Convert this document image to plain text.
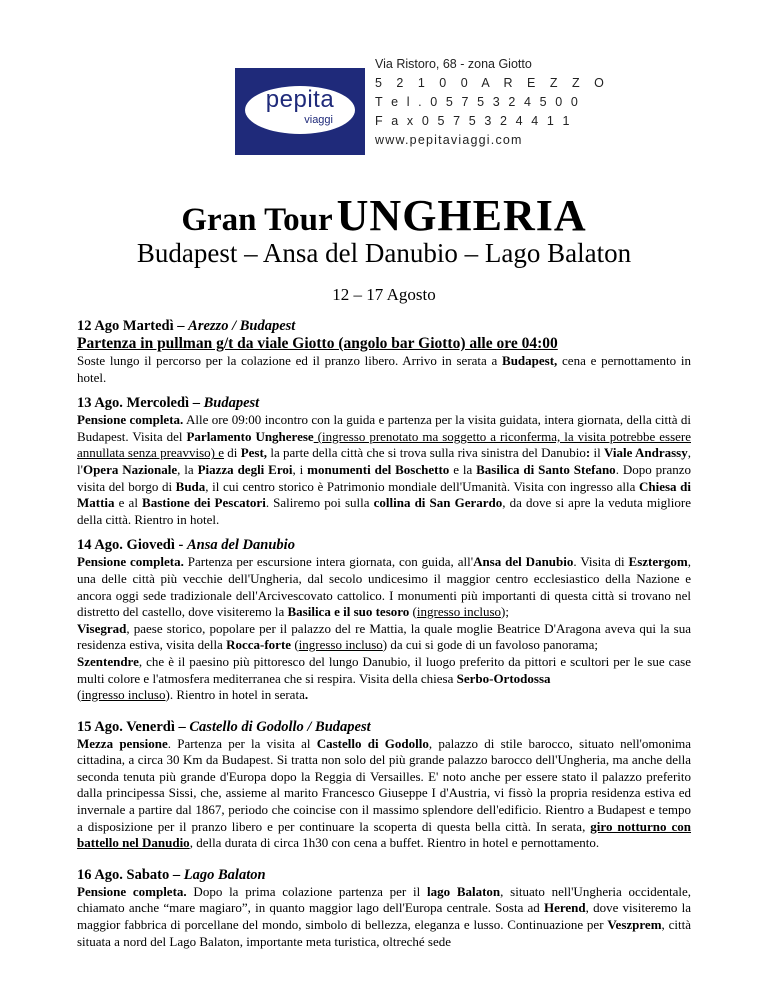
pepita
viaggi
Via Ristoro, 68 - zona Giotto
5 2 1 0 0 A R E Z Z O
T e l . 0 5 7 5 3 2 4 5 0 0
F a x 0 5 7 5 3 2 4 4 1 1
www.pepitaviaggi.com
Gran Tour UNGHERIA
Budapest – Ansa del Danubio – Lago Balaton
12 – 17 Agosto
12 Ago Martedì – Arezzo / Budapest
Partenza in pullman g/t da viale Giotto (angolo bar Giotto) alle ore 04:00
Soste lungo il percorso per la colazione ed il pranzo libero. Arrivo in serata a Budapest, cena e pernottamento in hotel.
13 Ago. Mercoledì – Budapest
Pensione completa. Alle ore 09:00 incontro con la guida e partenza per la visita guidata, intera giornata, della città di Budapest. Visita del Parlamento Ungherese (ingresso prenotato ma soggetto a riconferma, la visita potrebbe essere annullata senza preavviso) e di Pest, la parte della città che si trova sulla riva sinistra del Danubio: il Viale Andrassy, l'Opera Nazionale, la Piazza degli Eroi, i monumenti del Boschetto e la Basilica di Santo Stefano. Dopo pranzo visita del borgo di Buda, il cui centro storico è Patrimonio mondiale dell'Umanità. Visita con ingresso alla Chiesa di Mattia e al Bastione dei Pescatori. Saliremo poi sulla collina di San Gerardo, da dove si apre la veduta migliore della città. Rientro in hotel.
14 Ago. Giovedì - Ansa del Danubio
Pensione completa. Partenza per escursione intera giornata, con guida, all'Ansa del Danubio. Visita di Esztergom, una delle città più vecchie dell'Ungheria, dal secolo undicesimo il maggior centro ecclesiastico della Nazione e ancora oggi sede tradizionale dell'Arcivescovato cattolico. I monumenti più importanti di questa città si trovano nel distretto del castello, dove visiteremo la Basilica e il suo tesoro (ingresso incluso);
Visegrad, paese storico, popolare per il palazzo del re Mattia, la quale moglie Beatrice D'Aragona aveva qui la sua residenza estiva, visita della Rocca-forte (ingresso incluso) da cui si gode di un favoloso panorama;
Szentendre, che è il paesino più pittoresco del lungo Danubio, il luogo preferito da pittori e scultori per le sue case multi colore e l'atmosfera mediterranea che si respira. Visita della chiesa Serbo-Ortodossa
(ingresso incluso). Rientro in hotel in serata.
15 Ago. Venerdì – Castello di Godollo / Budapest
Mezza pensione. Partenza per la visita al Castello di Godollo, palazzo di stile barocco, situato nell'omonima cittadina, a circa 30 Km da Budapest. Si tratta non solo del più grande palazzo barocco dell'Ungheria, ma anche della seconda tenuta più grande d'Europa dopo la Reggia di Versailles. E' noto anche per essere stato il palazzo preferito dalla principessa Sissi, che, assieme al marito Francesco Giuseppe I d'Austria, vi fissò la propria residenza estiva ed invernale a partire dal 1867, periodo che coincise con il massimo splendore dell'edificio. Rientro a Budapest e tempo a disposizione per il pranzo libero e per continuare la scoperta di questa bella città. In serata, giro notturno con battello nel Danudio, della durata di circa 1h30 con cena a buffet. Rientro in hotel e pernottamento.
16 Ago. Sabato – Lago Balaton
Pensione completa. Dopo la prima colazione partenza per il lago Balaton, situato nell'Ungheria occidentale, chiamato anche “mare magiaro”, in quanto maggior lago dell'Europa centrale. Sosta ad Herend, dove visiteremo la maggior fabbrica di porcellane del mondo, simbolo di bellezza, eleganza e lusso. Continuazione per Veszprem, città situata a nord del Lago Balaton, importante meta turistica, oltreché sede
